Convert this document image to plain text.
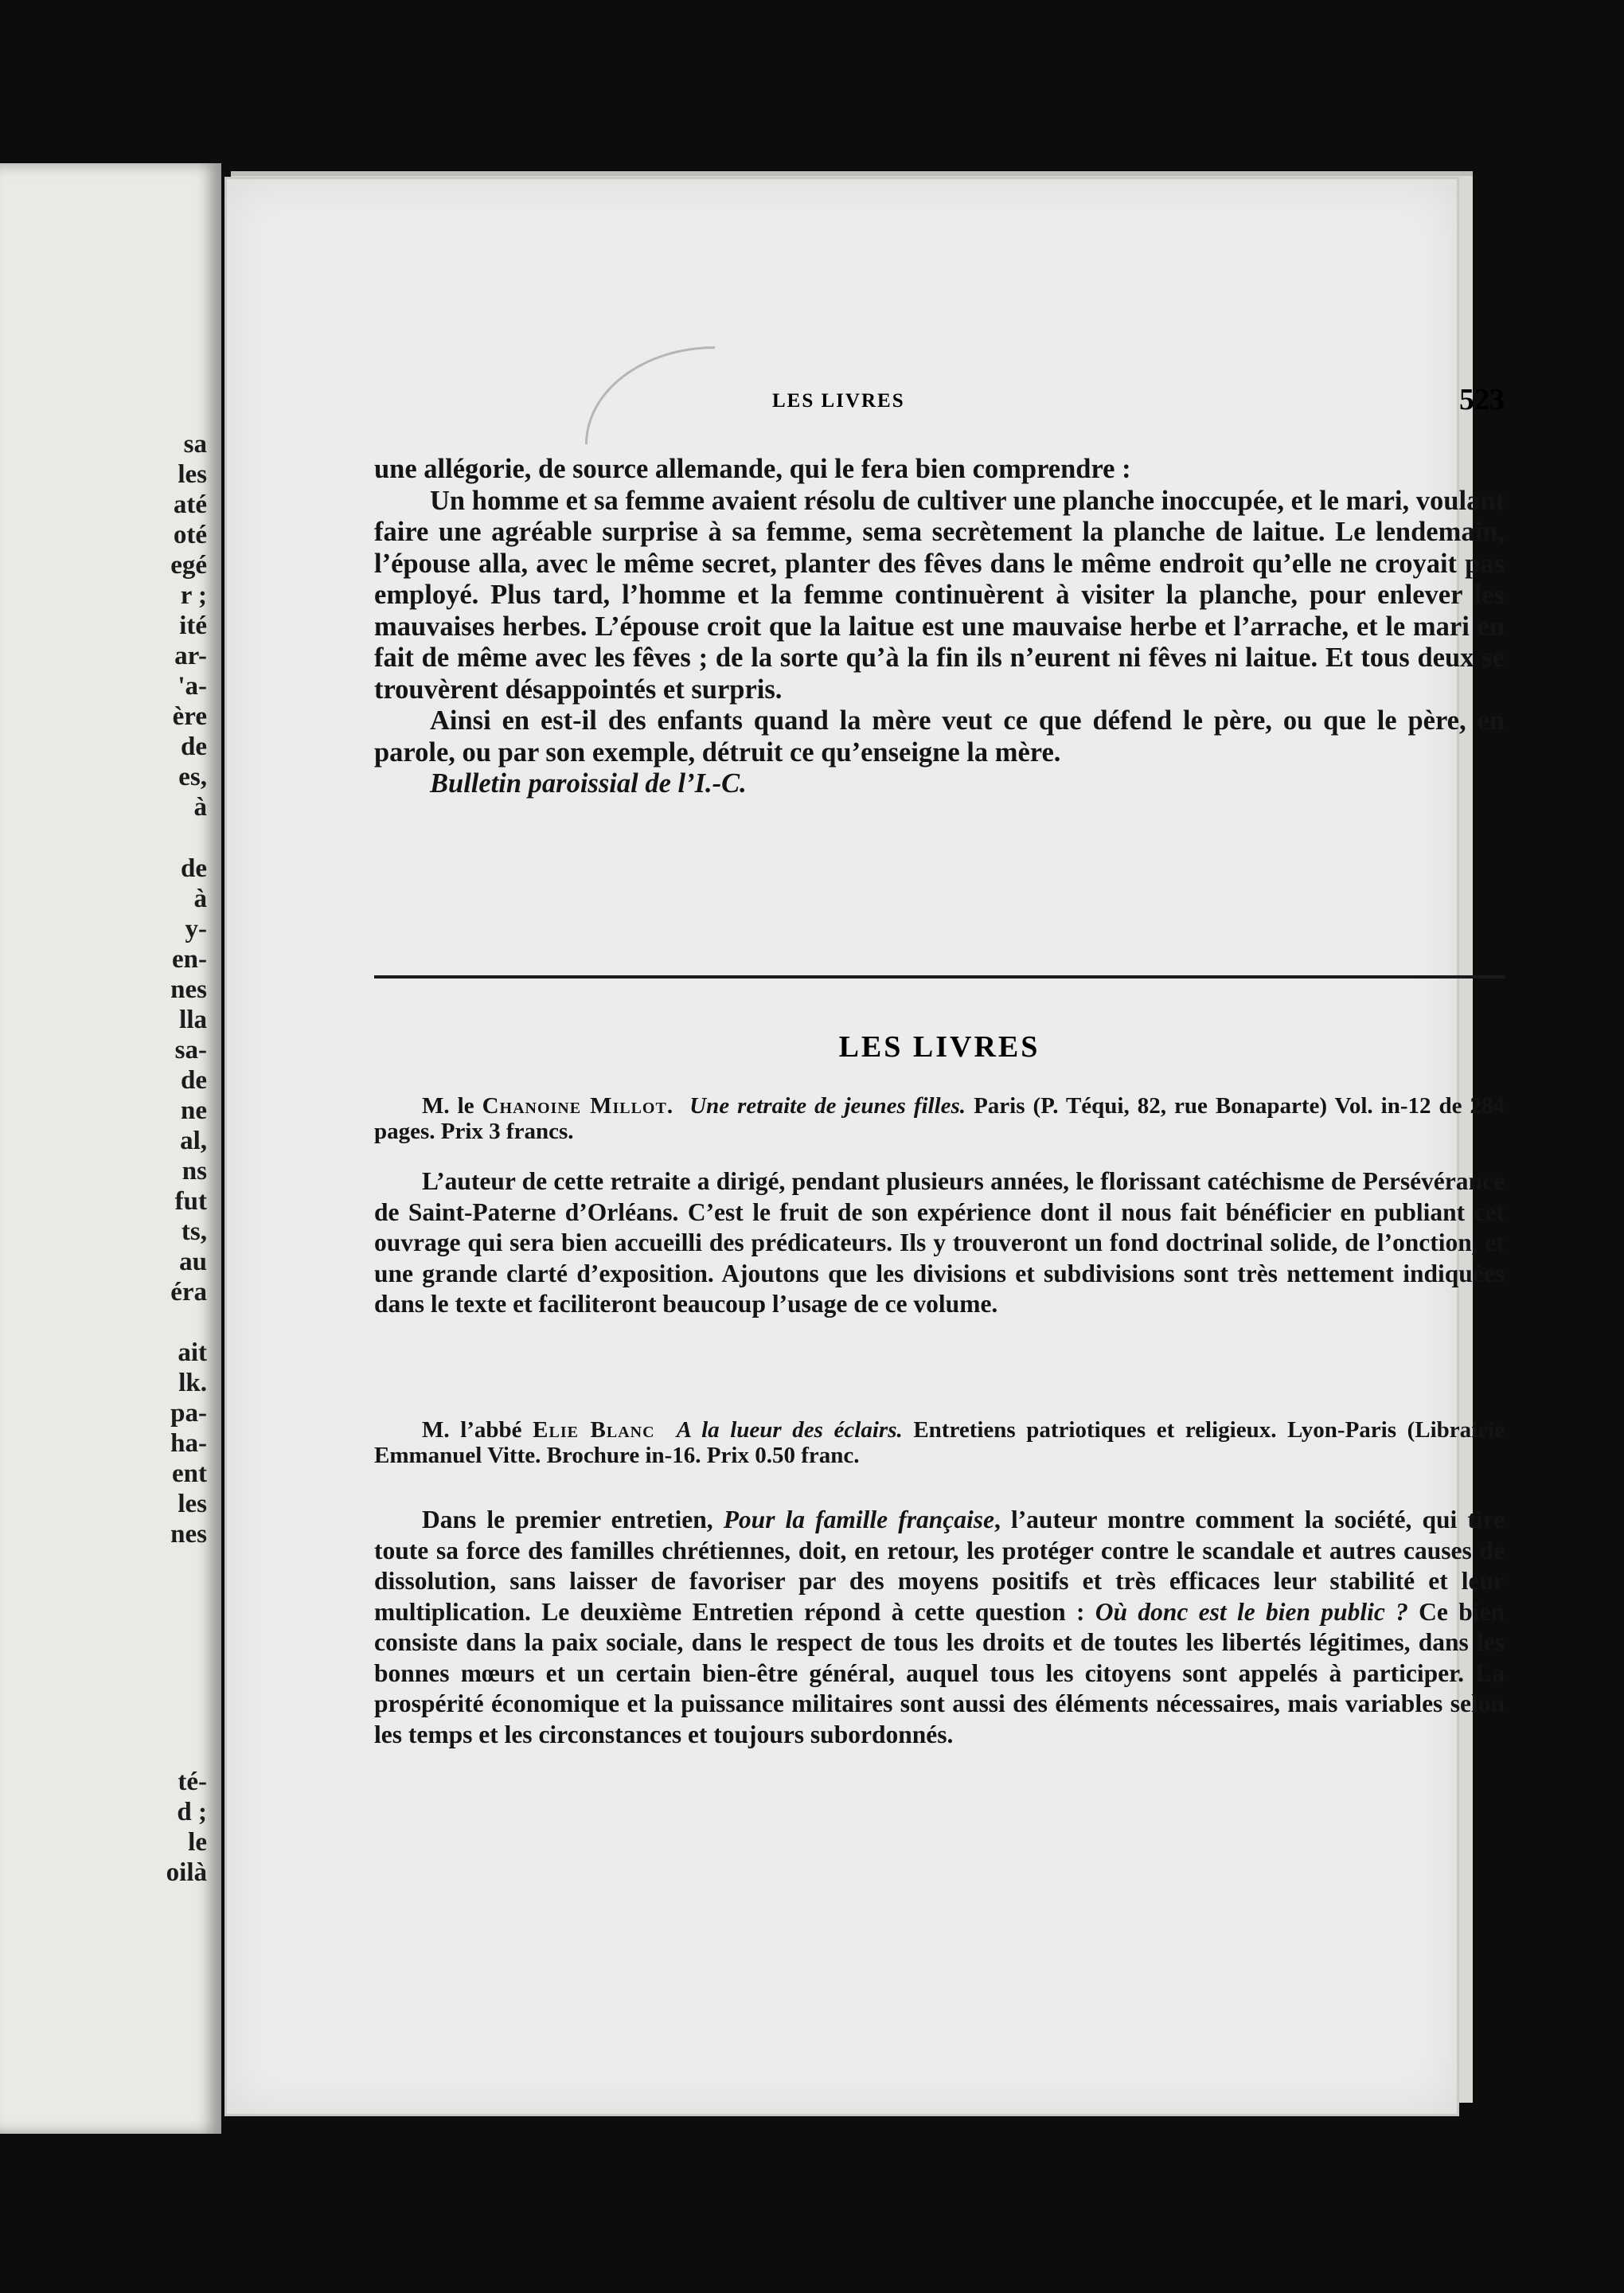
sa
les
até
oté
egé
r ;
ité
ar-
'a-
ère
de
es,
à
de
à
y-
en-
nes
lla
sa-
de
ne
al,
ns
fut
ts,
au
éra
ait
lk.
pa-
ha-
ent
les
nes
té-
d ;
le
oilà
LES LIVRES	523

une allégorie, de source allemande, qui le fera bien comprendre :

Un homme et sa femme avaient résolu de cultiver une planche inoccupée, et le mari, voulant faire une agréable surprise à sa femme, sema secrètement la planche de laitue. Le lendemain, l’épouse alla, avec le même secret, planter des fêves dans le même endroit qu’elle ne croyait pas employé. Plus tard, l’homme et la femme continuèrent à visiter la planche, pour enlever les mauvaises herbes. L’épouse croit que la laitue est une mauvaise herbe et l’arrache, et le mari en fait de même avec les fêves ; de la sorte qu’à la fin ils n’eurent ni fêves ni laitue. Et tous deux se trouvèrent désappointés et surpris.

Ainsi en est-il des enfants quand la mère veut ce que défend le père, ou que le père, en parole, ou par son exemple, détruit ce qu’enseigne la mère.

Bulletin paroissial de l’I.-C.

LES LIVRES

M. le Chanoine Millot. Une retraite de jeunes filles. Paris (P. Téqui, 82, rue Bonaparte) Vol. in-12 de 284 pages. Prix 3 francs.

L’auteur de cette retraite a dirigé, pendant plusieurs années, le florissant catéchisme de Persévérance de Saint-Paterne d’Orléans. C’est le fruit de son expérience dont il nous fait bénéficier en publiant cet ouvrage qui sera bien accueilli des prédicateurs. Ils y trouveront un fond doctrinal solide, de l’onction, et une grande clarté d’exposition. Ajoutons que les divisions et subdivisions sont très nettement indiquées dans le texte et faciliteront beaucoup l’usage de ce volume.

M. l’abbé Elie Blanc A la lueur des éclairs. Entretiens patriotiques et religieux. Lyon-Paris (Librairie Emmanuel Vitte. Brochure in-16. Prix 0.50 franc.

Dans le premier entretien, Pour la famille française, l’auteur montre comment la société, qui tire toute sa force des familles chrétiennes, doit, en retour, les protéger contre le scandale et autres causes de dissolution, sans laisser de favoriser par des moyens positifs et très efficaces leur stabilité et leur multiplication. Le deuxième Entretien répond à cette question : Où donc est le bien public ? Ce bien consiste dans la paix sociale, dans le respect de tous les droits et de toutes les libertés légitimes, dans les bonnes mœurs et un certain bien-être général, auquel tous les citoyens sont appelés à participer. La prospérité économique et la puissance militaires sont aussi des éléments nécessaires, mais variables selon les temps et les circonstances et toujours subordonnés.
